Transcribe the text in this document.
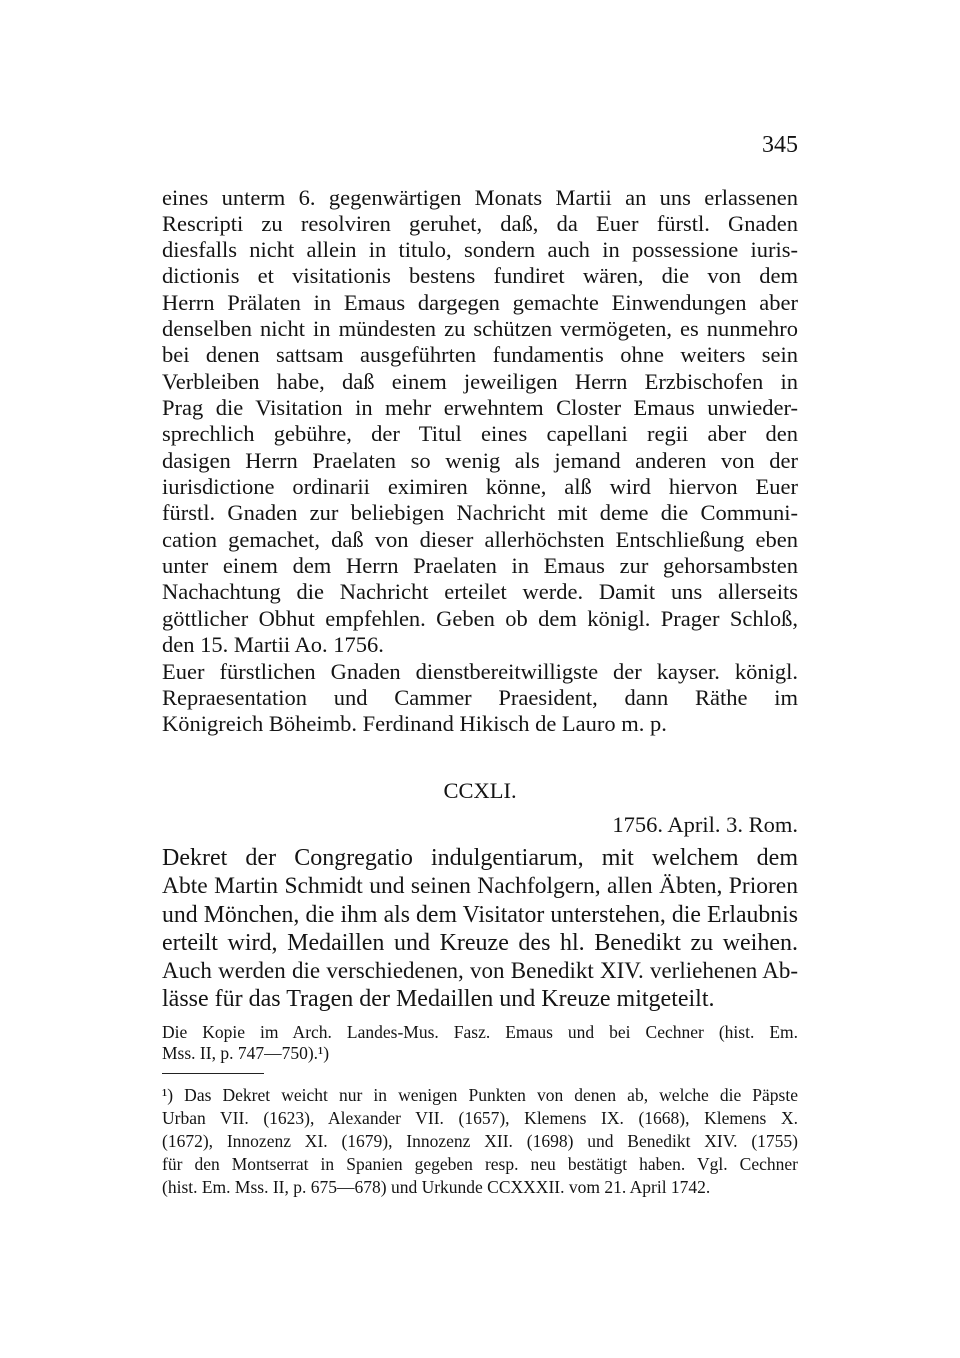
345
eines unterm 6. gegenwärtigen Monats Martii an uns erlassenen
Rescripti zu resolviren geruhet, daß, da Euer fürstl. Gnaden
diesfalls nicht allein in titulo, sondern auch in possessione iuris-
dictionis et visitationis bestens fundiret wären, die von dem
Herrn Prälaten in Emaus dargegen gemachte Einwendungen aber
denselben nicht in mündesten zu schützen vermögeten, es nunmehro
bei denen sattsam ausgeführten fundamentis ohne weiters sein
Verbleiben habe, daß einem jeweiligen Herrn Erzbischofen in
Prag die Visitation in mehr erwehntem Closter Emaus unwieder-
sprechlich gebühre, der Titul eines capellani regii aber den
dasigen Herrn Praelaten so wenig als jemand anderen von der
iurisdictione ordinarii eximiren könne, alß wird hiervon Euer
fürstl. Gnaden zur beliebigen Nachricht mit deme die Communi-
cation gemachet, daß von dieser allerhöchsten Entschließung eben
unter einem dem Herrn Praelaten in Emaus zur gehorsambsten
Nachachtung die Nachricht erteilet werde. Damit uns allerseits
göttlicher Obhut empfehlen. Geben ob dem königl. Prager Schloß,
den 15. Martii Ao. 1756.
Euer fürstlichen Gnaden dienstbereitwilligste der kayser. königl.
Repraesentation und Cammer Praesident, dann Räthe im
Königreich Böheimb. Ferdinand Hikisch de Lauro m. p.
CCXLI.
1756. April. 3. Rom.
Dekret der Congregatio indulgentiarum, mit welchem dem
Abte Martin Schmidt und seinen Nachfolgern, allen Äbten, Prioren
und Mönchen, die ihm als dem Visitator unterstehen, die Erlaubnis
erteilt wird, Medaillen und Kreuze des hl. Benedikt zu weihen.
Auch werden die verschiedenen, von Benedikt XIV. verliehenen Ab-
lässe für das Tragen der Medaillen und Kreuze mitgeteilt.
Die Kopie im Arch. Landes-Mus. Fasz. Emaus und bei Cechner (hist. Em.
Mss. II, p. 747—750).¹)
¹) Das Dekret weicht nur in wenigen Punkten von denen ab, welche die Päpste
Urban VII. (1623), Alexander VII. (1657), Klemens IX. (1668), Klemens X.
(1672), Innozenz XI. (1679), Innozenz XII. (1698) und Benedikt XIV. (1755)
für den Montserrat in Spanien gegeben resp. neu bestätigt haben. Vgl. Cechner
(hist. Em. Mss. II, p. 675—678) und Urkunde CCXXXII. vom 21. April 1742.
